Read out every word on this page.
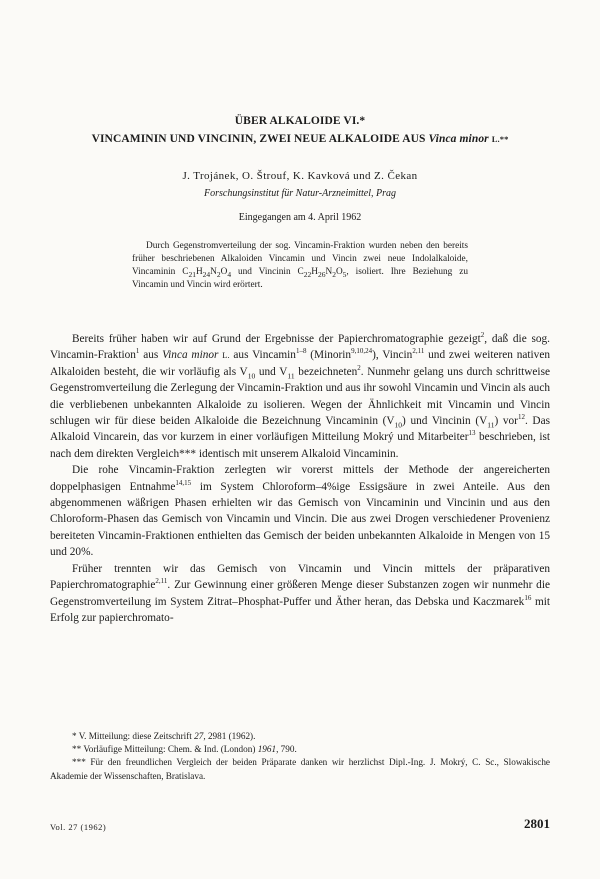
ÜBER ALKALOIDE VI.*
VINCAMININ UND VINCININ, ZWEI NEUE ALKALOIDE AUS Vinca minor L.**
J. Trojánek, O. Štrouf, K. Kavková und Z. Čekan
Forschungsinstitut für Natur-Arzneimittel, Prag
Eingegangen am 4. April 1962
Durch Gegenstromverteilung der sog. Vincamin-Fraktion wurden neben den bereits früher beschriebenen Alkaloiden Vincamin und Vincin zwei neue Indolalkaloide, Vincaminin $C_{21}H_{24}N_2O_4$ und Vincinin $C_{22}H_{26}N_2O_5$, isoliert. Ihre Beziehung zu Vincamin und Vincin wird erörtert.

Bereits früher haben wir auf Grund der Ergebnisse der Papierchromatographie gezeigt$^2$, daß die sog. Vincamin-Fraktion$^1$ aus Vinca minor L. aus Vincamin$^{1-8}$ (Minorin$^{9,10,24}$), Vincin$^{2,11}$ und zwei weiteren nativen Alkaloiden besteht, die wir vorläufig als $V_{10}$ und $V_{11}$ bezeichneten$^2$. Nunmehr gelang uns durch schrittweise Gegenstromverteilung die Zerlegung der Vincamin-Fraktion und aus ihr sowohl Vincamin und Vincin als auch die verbliebenen unbekannten Alkaloide zu isolieren. Wegen der Ähnlichkeit mit Vincamin und Vincin schlugen wir für diese beiden Alkaloide die Bezeichnung Vincaminin $(V_{10})$ und Vincinin $(V_{11})$ vor$^{12}$. Das Alkaloid Vincarein, das vor kurzem in einer vorläufigen Mitteilung Mokrý und Mitarbeiter$^{13}$ beschrieben, ist nach dem direkten Vergleich*** identisch mit unserem Alkaloid Vincaminin.

Die rohe Vincamin-Fraktion zerlegten wir vorerst mittels der Methode der angereicherten doppelphasigen Entnahme$^{14,15}$ im System Chloroform–4%ige Essigsäure in zwei Anteile. Aus den abgenommenen wäßrigen Phasen erhielten wir das Gemisch von Vincaminin und Vincinin und aus den Chloroform-Phasen das Gemisch von Vincamin und Vincin. Die aus zwei Drogen verschiedener Provenienz bereiteten Vincamin-Fraktionen enthielten das Gemisch der beiden unbekannten Alkaloide in Mengen von 15 und 20%.

Früher trennten wir das Gemisch von Vincamin und Vincin mittels der präparativen Papierchromatographie$^{2,11}$. Zur Gewinnung einer größeren Menge dieser Substanzen zogen wir nunmehr die Gegenstromverteilung im System Zitrat–Phosphat-Puffer und Äther heran, das Debska und Kaczmarek$^{16}$ mit Erfolg zur papierchromato-

* V. Mitteilung: diese Zeitschrift 27, 2981 (1962).
** Vorläufige Mitteilung: Chem. & Ind. (London) 1961, 790.
*** Für den freundlichen Vergleich der beiden Präparate danken wir herzlichst Dipl.-Ing. J. Mokrý, C. Sc., Slowakische Akademie der Wissenschaften, Bratislava.
Vol. 27 (1962)	2801
